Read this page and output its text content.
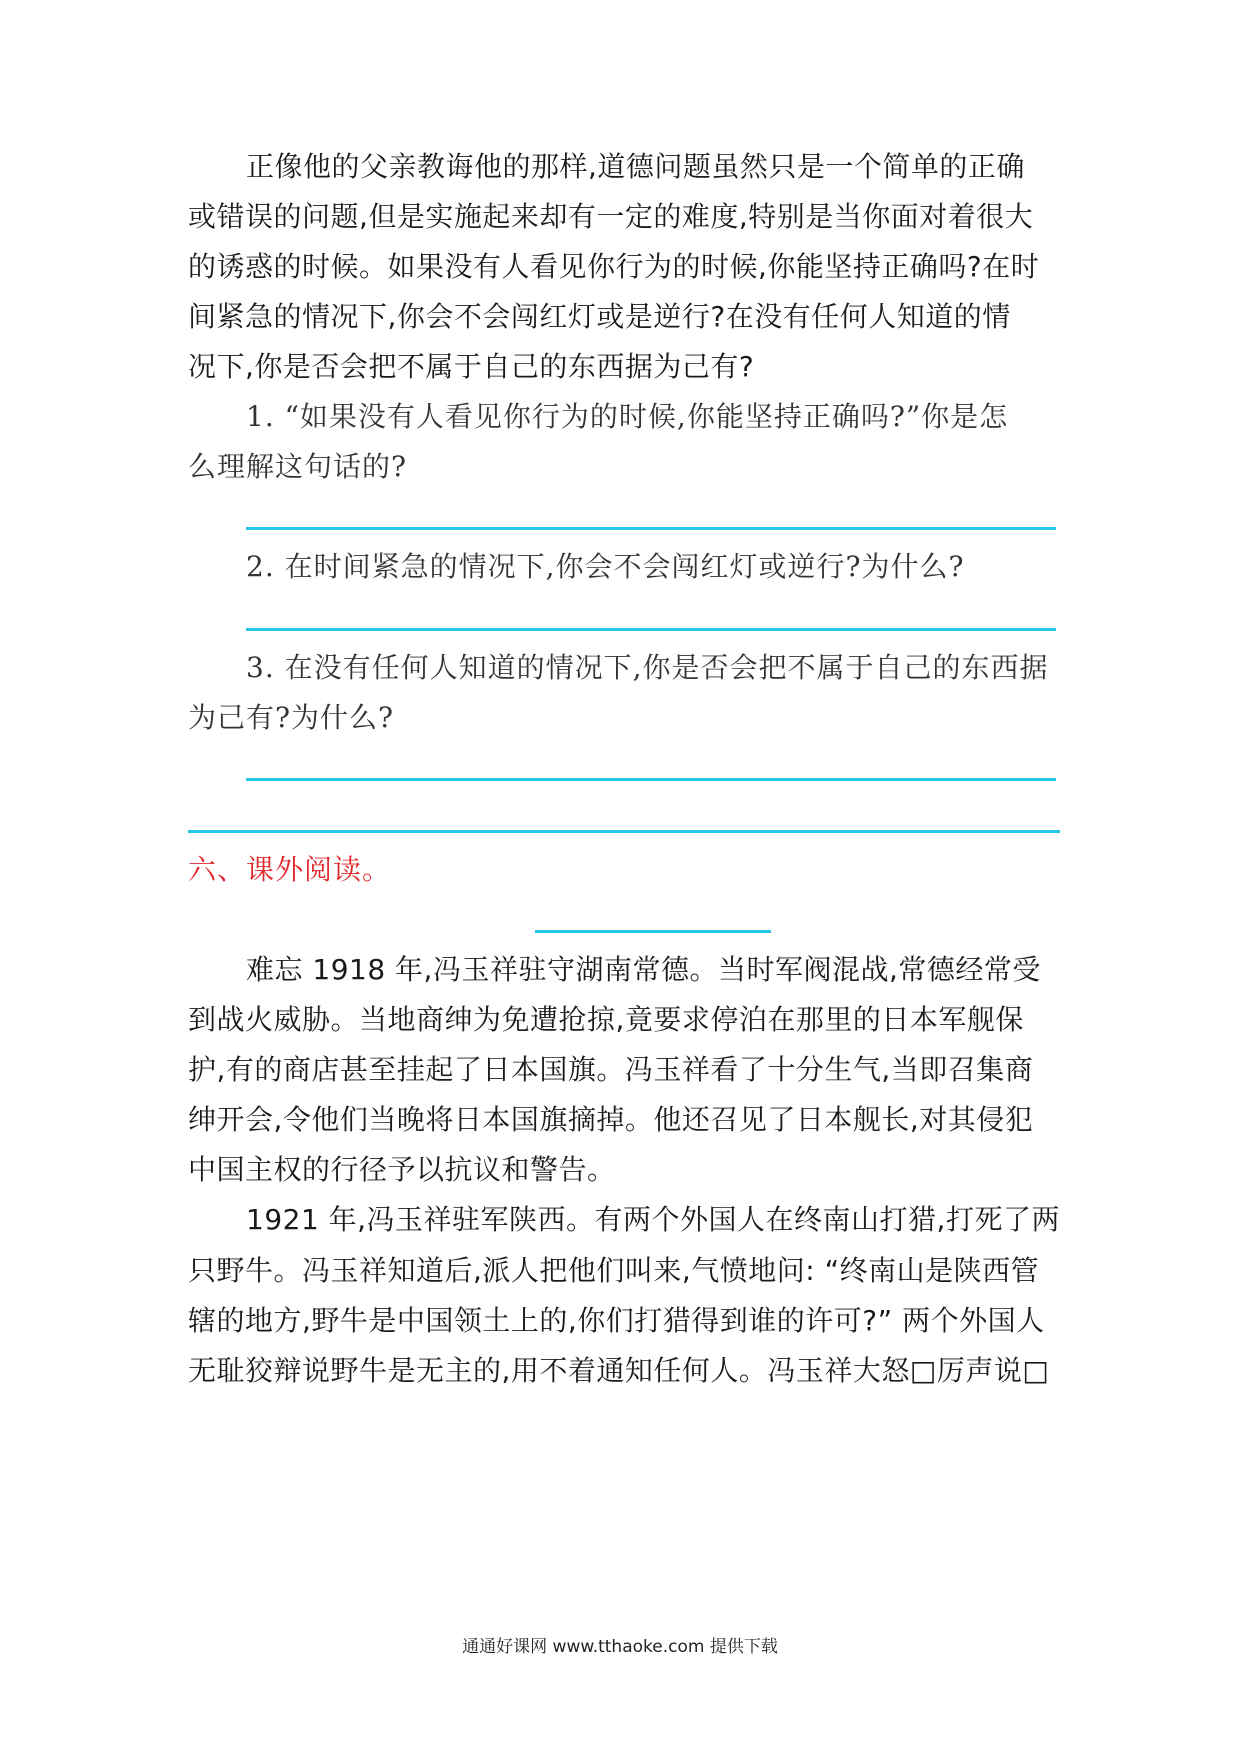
正像他的父亲教诲他的那样,道德问题虽然只是一个简单的正确
或错误的问题,但是实施起来却有一定的难度,特别是当你面对着很大
的诱惑的时候。如果没有人看见你行为的时候,你能坚持正确吗?在时
间紧急的情况下,你会不会闯红灯或是逆行?在没有任何人知道的情
况下,你是否会把不属于自己的东西据为己有?
1. “如果没有人看见你行为的时候,你能坚持正确吗?”你是怎
么理解这句话的?
2. 在时间紧急的情况下,你会不会闯红灯或逆行?为什么?
3. 在没有任何人知道的情况下,你是否会把不属于自己的东西据
为己有?为什么?
六、课外阅读。
难忘 1918 年,冯玉祥驻守湖南常德。当时军阀混战,常德经常受
到战火威胁。当地商绅为免遭抢掠,竟要求停泊在那里的日本军舰保
护,有的商店甚至挂起了日本国旗。冯玉祥看了十分生气,当即召集商
绅开会,令他们当晚将日本国旗摘掉。他还召见了日本舰长,对其侵犯
中国主权的行径予以抗议和警告。
1921 年,冯玉祥驻军陕西。有两个外国人在终南山打猎,打死了两
只野牛。冯玉祥知道后,派人把他们叫来,气愤地问: “终南山是陕西管
辖的地方,野牛是中国领土上的,你们打猎得到谁的许可?” 两个外国人
无耻狡辩说野牛是无主的,用不着通知任何人。冯玉祥大怒□厉声说□
通通好课网 www.tthaoke.com 提供下载
